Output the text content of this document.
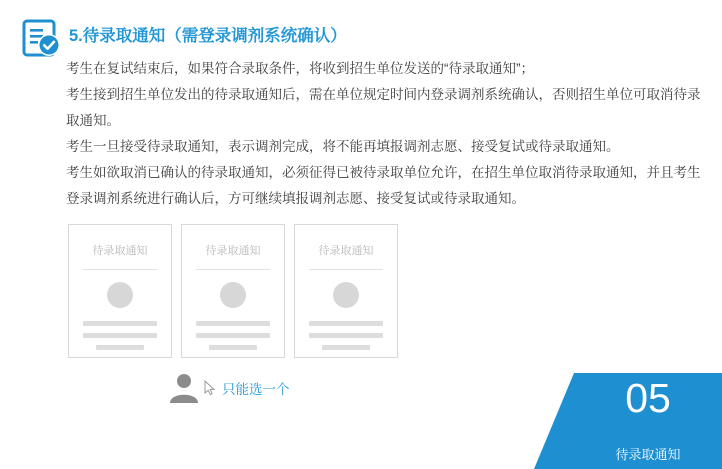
5.待录取通知（需登录调剂系统确认）

考生在复试结束后，如果符合录取条件，将收到招生单位发送的“待录取通知”；

考生接到招生单位发出的待录取通知后，需在单位规定时间内登录调剂系统确认，否则招生单位可取消待录取通知。

考生一旦接受待录取通知，表示调剂完成，将不能再填报调剂志愿、接受复试或待录取通知。

考生如欲取消已确认的待录取通知，必须征得已被待录取单位允许，在招生单位取消待录取通知，并且考生登录调剂系统进行确认后，方可继续填报调剂志愿、接受复试或待录取通知。

待录取通知	待录取通知	待录取通知
只能选一个	05
待录取通知
